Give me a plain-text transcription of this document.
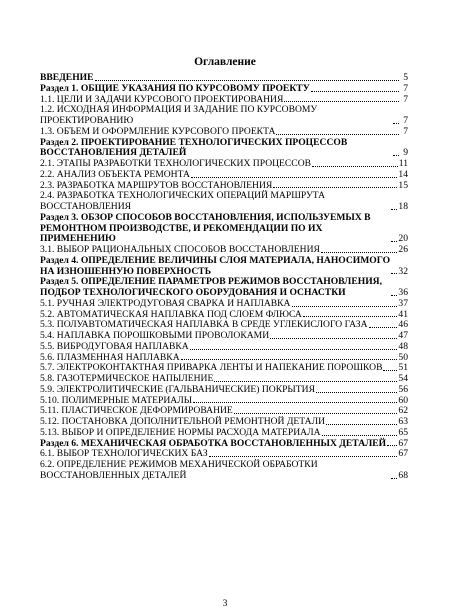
Оглавление
ВВЕДЕНИЕ	5
Раздел 1. ОБЩИЕ УКАЗАНИЯ ПО КУРСОВОМУ ПРОЕКТУ	7
1.1. ЦЕЛИ И ЗАДАЧИ КУРСОВОГО ПРОЕКТИРОВАНИЯ	7
1.2. ИСХОДНАЯ ИНФОРМАЦИЯ И ЗАДАНИЕ ПО КУРСОВОМУ ПРОЕКТИРОВАНИЮ	7
1.3. ОБЪЕМ И ОФОРМЛЕНИЕ КУРСОВОГО ПРОЕКТА	7
Раздел 2. ПРОЕКТИРОВАНИЕ ТЕХНОЛОГИЧЕСКИХ ПРОЦЕССОВ ВОССТАНОВЛЕНИЯ ДЕТАЛЕЙ	9
2.1. ЭТАПЫ РАЗРАБОТКИ ТЕХНОЛОГИЧЕСКИХ ПРОЦЕССОВ	11
2.2. АНАЛИЗ ОБЪЕКТА РЕМОНТА	14
2.3. РАЗРАБОТКА МАРШРУТОВ ВОССТАНОВЛЕНИЯ	15
2.4. РАЗРАБОТКА ТЕХНОЛОГИЧЕСКИХ ОПЕРАЦИЙ МАРШРУТА ВОССТАНОВЛЕНИЯ	18
Раздел 3. ОБЗОР СПОСОБОВ ВОССТАНОВЛЕНИЯ, ИСПОЛЬЗУЕМЫХ В РЕМОНТНОМ ПРОИЗВОДСТВЕ, И РЕКОМЕНДАЦИИ ПО ИХ ПРИМЕНЕНИЮ	20
3.1. ВЫБОР РАЦИОНАЛЬНЫХ СПОСОБОВ ВОССТАНОВЛЕНИЯ	26
Раздел 4. ОПРЕДЕЛЕНИЕ ВЕЛИЧИНЫ СЛОЯ МАТЕРИАЛА, НАНОСИМОГО НА ИЗНОШЕННУЮ ПОВЕРХНОСТЬ	32
Раздел 5. ОПРЕДЕЛЕНИЕ ПАРАМЕТРОВ РЕЖИМОВ ВОССТАНОВЛЕНИЯ, ПОДБОР ТЕХНОЛОГИЧЕСКОГО ОБОРУДОВАНИЯ И ОСНАСТКИ	36
5.1. РУЧНАЯ ЭЛЕКТРОДУГОВАЯ СВАРКА И НАПЛАВКА	37
5.2. АВТОМАТИЧЕСКАЯ НАПЛАВКА ПОД СЛОЕМ ФЛЮСА	41
5.3. ПОЛУАВТОМАТИЧЕСКАЯ НАПЛАВКА В СРЕДЕ УГЛЕКИСЛОГО ГАЗА	46
5.4. НАПЛАВКА ПОРОШКОВЫМИ ПРОВОЛОКАМИ	47
5.5. ВИБРОДУГОВАЯ НАПЛАВКА	48
5.6. ПЛАЗМЕННАЯ НАПЛАВКА	50
5.7. ЭЛЕКТРОКОНТАКТНАЯ ПРИВАРКА ЛЕНТЫ И НАПЕКАНИЕ ПОРОШКОВ 51
5.8. ГАЗОТЕРМИЧЕСКОЕ НАПЫЛЕНИЕ	54
5.9. ЭЛЕКТРОЛИТИЧЕСКИЕ (ГАЛЬВАНИЧЕСКИЕ) ПОКРЫТИЯ	56
5.10. ПОЛИМЕРНЫЕ МАТЕРИАЛЫ	60
5.11. ПЛАСТИЧЕСКОЕ ДЕФОРМИРОВАНИЕ	62
5.12. ПОСТАНОВКА ДОПОЛНИТЕЛЬНОЙ РЕМОНТНОЙ ДЕТАЛИ	63
5.13. ВЫБОР И ОПРЕДЕЛЕНИЕ НОРМЫ РАСХОДА МАТЕРИАЛА	65
Раздел 6. МЕХАНИЧЕСКАЯ ОБРАБОТКА ВОССТАНОВЛЕННЫХ ДЕТАЛЕЙ 67
6.1. ВЫБОР ТЕХНОЛОГИЧЕСКИХ БАЗ	67
6.2. ОПРЕДЕЛЕНИЕ РЕЖИМОВ МЕХАНИЧЕСКОЙ ОБРАБОТКИ ВОССТАНОВЛЕННЫХ ДЕТАЛЕЙ	68
3
